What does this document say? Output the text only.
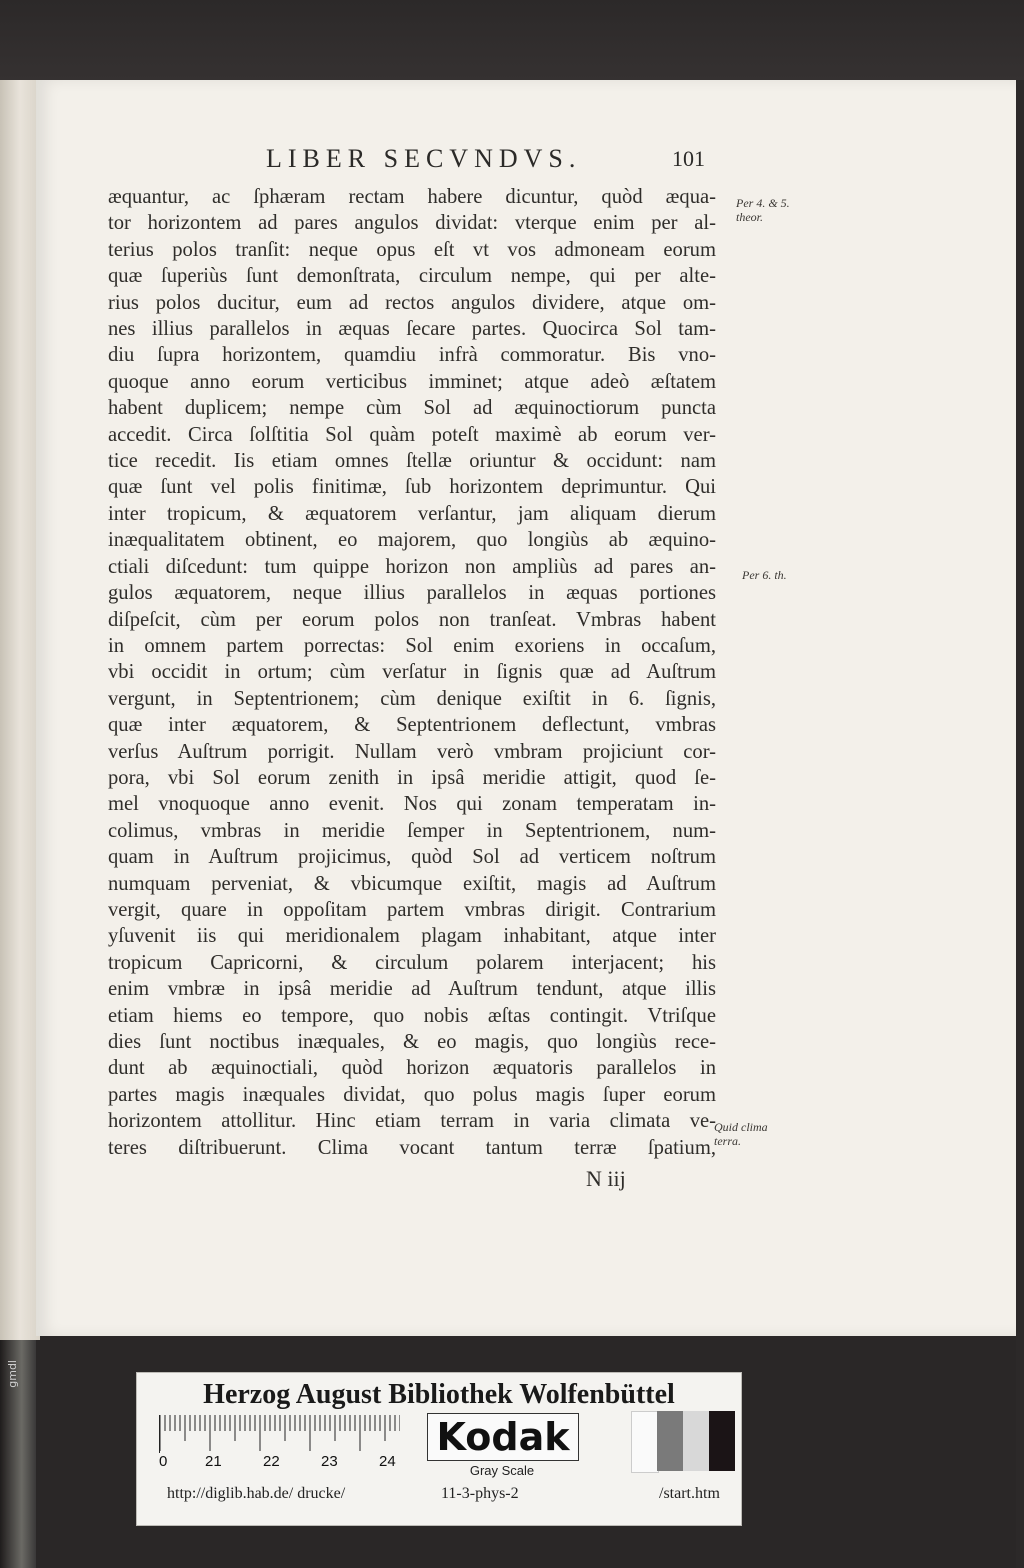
gmdl
LIBER SECVNDVS.	101
æquantur, ac ſphæram rectam habere dicuntur, quòd æqua-
tor horizontem ad pares angulos dividat: vterque enim per al-
terius polos tranſit: neque opus eſt vt vos admoneam eorum
quæ ſuperiùs ſunt demonſtrata, circulum nempe, qui per alte-
rius polos ducitur, eum ad rectos angulos dividere, atque om-
nes illius parallelos in æquas ſecare partes. Quocirca Sol tam-
diu ſupra horizontem, quamdiu infrà commoratur. Bis vno-
quoque anno eorum verticibus imminet; atque adeò æſtatem
habent duplicem; nempe cùm Sol ad æquinoctiorum puncta
accedit. Circa ſolſtitia Sol quàm poteſt maximè ab eorum ver-
tice recedit. Iis etiam omnes ſtellæ oriuntur & occidunt: nam
quæ ſunt vel polis finitimæ, ſub horizontem deprimuntur. Qui
inter tropicum, & æquatorem verſantur, jam aliquam dierum
inæqualitatem obtinent, eo majorem, quo longiùs ab æquino-
ctiali diſcedunt: tum quippe horizon non ampliùs ad pares an-
gulos æquatorem, neque illius parallelos in æquas portiones
diſpeſcit, cùm per eorum polos non tranſeat. Vmbras habent
in omnem partem porrectas: Sol enim exoriens in occaſum,
vbi occidit in ortum; cùm verſatur in ſignis quæ ad Auſtrum
vergunt, in Septentrionem; cùm denique exiſtit in 6. ſignis,
quæ inter æquatorem, & Septentrionem deflectunt, vmbras
verſus Auſtrum porrigit. Nullam verò vmbram projiciunt cor-
pora, vbi Sol eorum zenith in ipsâ meridie attigit, quod ſe-
mel vnoquoque anno evenit. Nos qui zonam temperatam in-
colimus, vmbras in meridie ſemper in Septentrionem, num-
quam in Auſtrum projicimus, quòd Sol ad verticem noſtrum
numquam perveniat, & vbicumque exiſtit, magis ad Auſtrum
vergit, quare in oppoſitam partem vmbras dirigit. Contrarium
yſuvenit iis qui meridionalem plagam inhabitant, atque inter
tropicum Capricorni, & circulum polarem interjacent; his
enim vmbræ in ipsâ meridie ad Auſtrum tendunt, atque illis
etiam hiems eo tempore, quo nobis æſtas contingit. Vtriſque
dies ſunt noctibus inæquales, & eo magis, quo longiùs rece-
dunt ab æquinoctiali, quòd horizon æquatoris parallelos in
partes magis inæquales dividat, quo polus magis ſuper eorum
horizontem attollitur. Hinc etiam terram in varia climata ve-
teres diſtribuerunt. Clima vocant tantum terræ ſpatium,
Per 4. & 5.
theor.
Per 6. th.
Quid clima
terra.
N iij
Herzog August Bibliothek Wolfenbüttel
0	21	22	23	24
Kodak
Gray Scale
http://diglib.hab.de/ drucke/	11-3-phys-2	/start.htm
